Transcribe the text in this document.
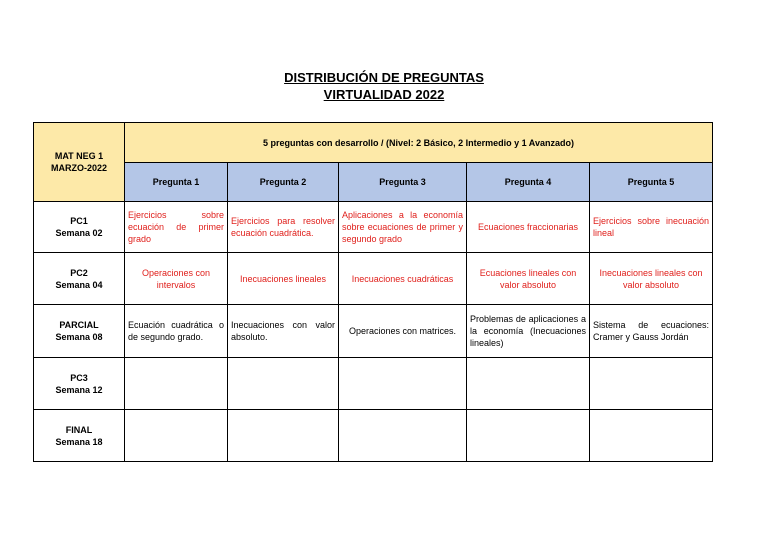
DISTRIBUCIÓN DE PREGUNTAS
VIRTUALIDAD 2022
MAT NEG 1
MARZO-2022	5 preguntas con desarrollo / (Nivel: 2 Básico, 2 Intermedio y 1 Avanzado)				
	Pregunta 1	Pregunta 2	Pregunta 3	Pregunta 4	Pregunta 5

PC1
Semana 02	Ejercicios sobre ecuación de primer grado	Ejercicios para resolver ecuación cuadrática.	Aplicaciones a la economía sobre ecuaciones de primer y segundo grado	Ecuaciones fraccionarias	Ejercicios sobre inecuación lineal

PC2
Semana 04	Operaciones con intervalos	Inecuaciones lineales	Inecuaciones cuadráticas	Ecuaciones lineales con valor absoluto	Inecuaciones lineales con valor absoluto

PARCIAL
Semana 08	Ecuación cuadrática o de segundo grado.	Inecuaciones con valor absoluto.	Operaciones con matrices.	Problemas de aplicaciones a la economía (Inecuaciones lineales)	Sistema de ecuaciones: Cramer y Gauss Jordán

PC3
Semana 12					

FINAL
Semana 18					
